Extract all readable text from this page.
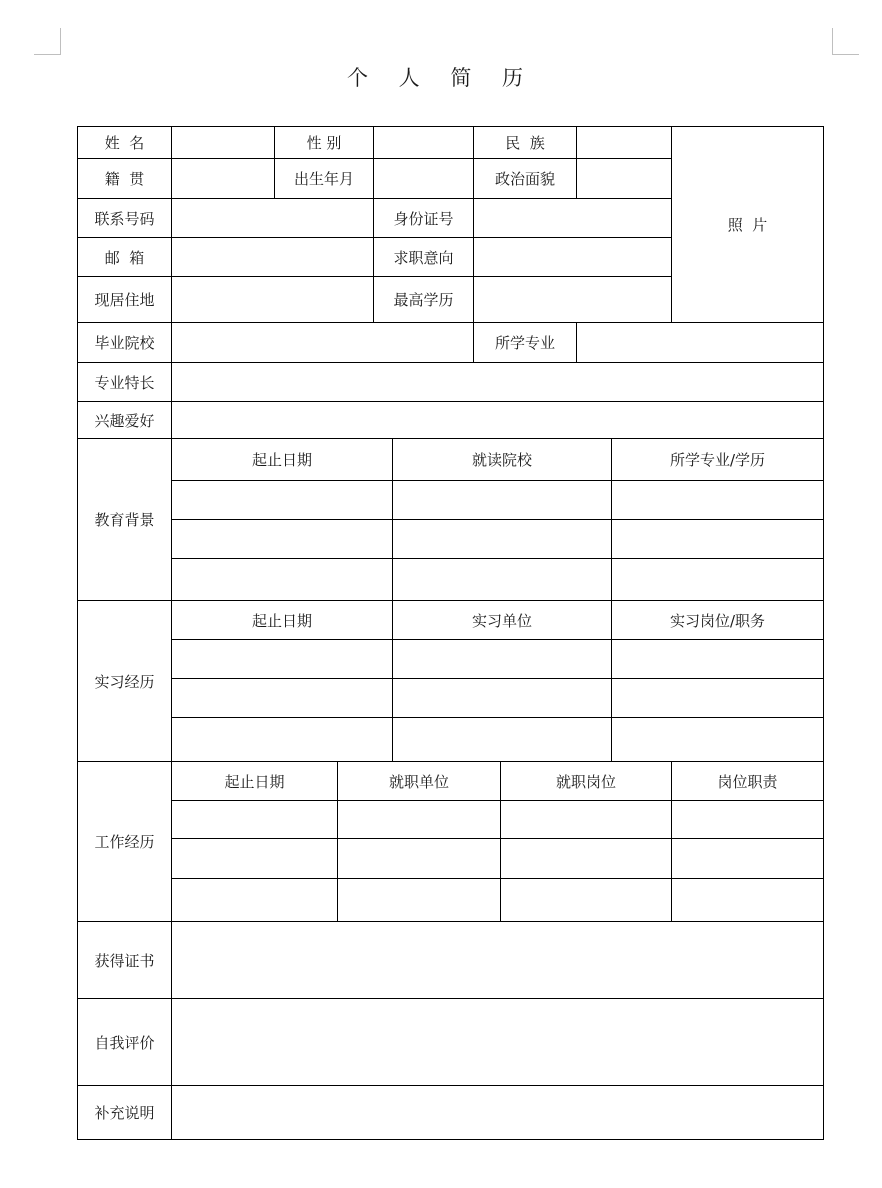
个 人 简 历
姓  名	性 别	民  族
籍  贯	出生年月	政治面貌
联系号码	身份证号
邮  箱	求职意向
现居住地	最高学历
照  片
毕业院校	所学专业
专业特长
兴趣爱好
教育背景
起止日期	就读院校	所学专业/学历
实习经历
起止日期	实习单位	实习岗位/职务
工作经历
起止日期	就职单位	就职岗位	岗位职责
获得证书
自我评价
补充说明
